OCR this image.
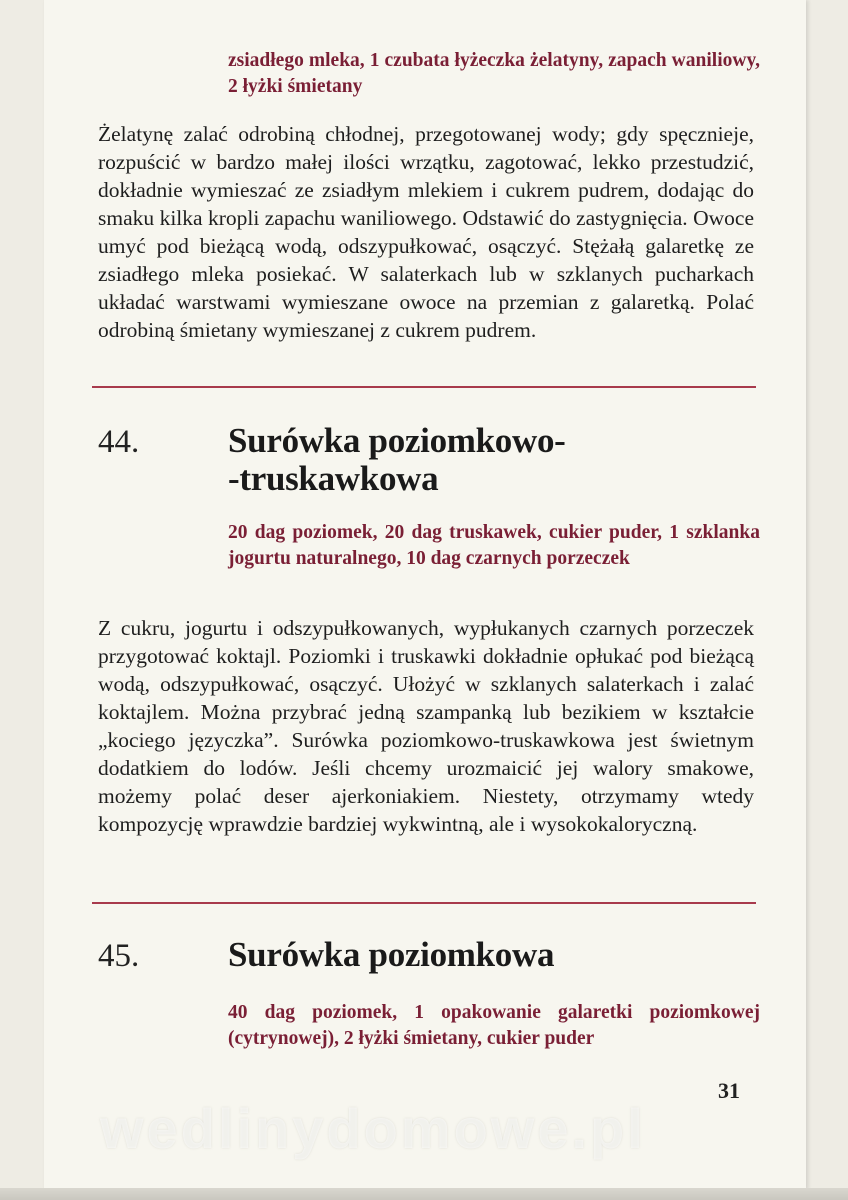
zsiadłego mleka, 1 czubata łyżeczka żelatyny, zapach waniliowy, 2 łyżki śmietany
Żelatynę zalać odrobiną chłodnej, przegotowanej wody; gdy spęcznieje, rozpuścić w bardzo małej ilości wrzątku, zagotować, lekko przestudzić, dokładnie wymieszać ze zsiadłym mlekiem i cukrem pudrem, dodając do smaku kilka kropli zapachu waniliowego. Odstawić do zastygnięcia. Owoce umyć pod bieżącą wodą, odszypułkować, osączyć. Stężałą galaretkę ze zsiadłego mleka posiekać. W salaterkach lub w szklanych pucharkach układać warstwami wymieszane owoce na przemian z galaretką. Polać odrobiną śmietany wymieszanej z cukrem pudrem.
44.	Surówka poziomkowo-
-truskawkowa
20 dag poziomek, 20 dag truskawek, cukier puder, 1 szklanka jogurtu naturalnego, 10 dag czarnych porzeczek
Z cukru, jogurtu i odszypułkowanych, wypłukanych czarnych porzeczek przygotować koktajl. Poziomki i truskawki dokładnie opłukać pod bieżącą wodą, odszypułkować, osączyć. Ułożyć w szklanych salaterkach i zalać koktajlem. Można przybrać jedną szampanką lub bezikiem w kształcie „kociego języczka”. Surówka poziomkowo-truskawkowa jest świetnym dodatkiem do lodów. Jeśli chcemy urozmaicić jej walory smakowe, możemy polać deser ajerkoniakiem. Niestety, otrzymamy wtedy kompozycję wprawdzie bardziej wykwintną, ale i wysokokaloryczną.
45.	Surówka poziomkowa
40 dag poziomek, 1 opakowanie galaretki poziomkowej (cytrynowej), 2 łyżki śmietany, cukier puder
31
wedlinydomowe.pl
